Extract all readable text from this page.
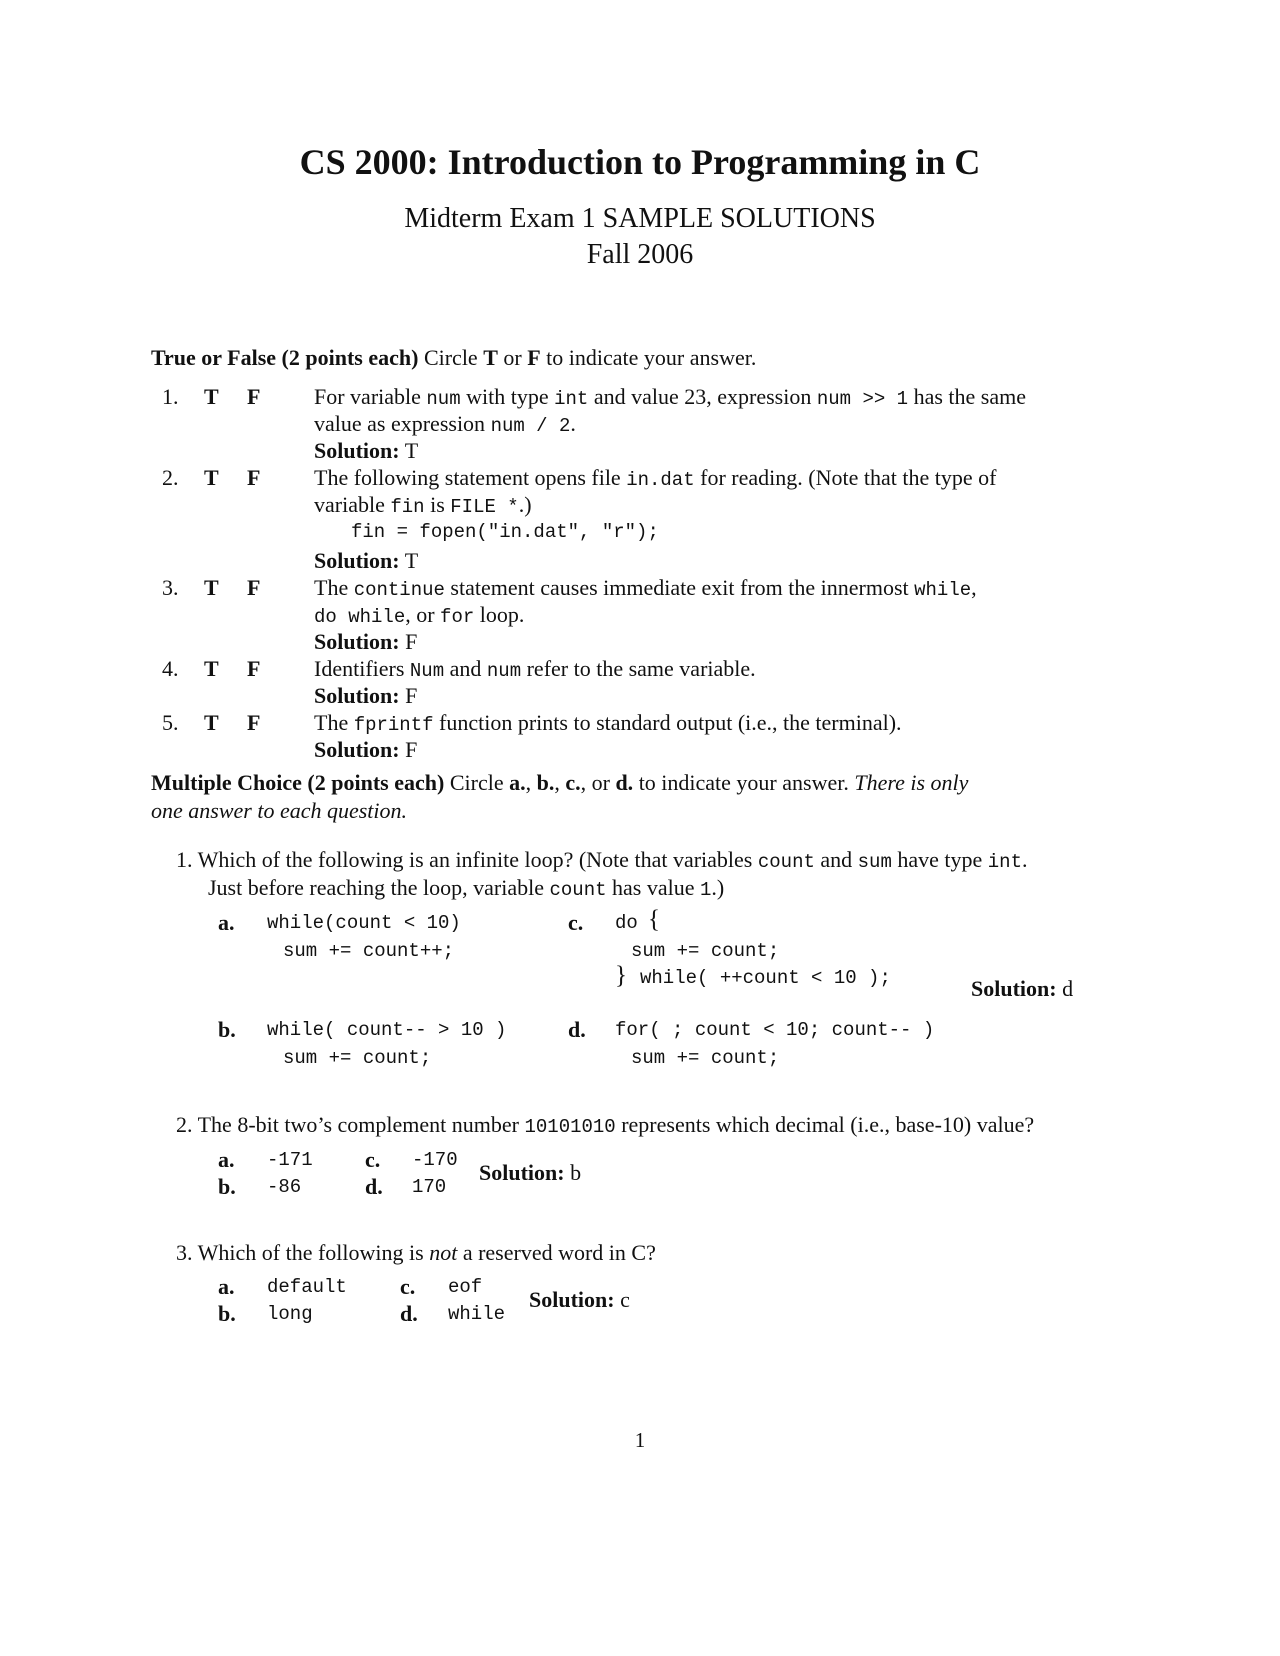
CS 2000: Introduction to Programming in C
Midterm Exam 1 SAMPLE SOLUTIONS
Fall 2006
True or False (2 points each) Circle T or F to indicate your answer.
1. T F For variable num with type int and value 23, expression num >> 1 has the same
value as expression num / 2.
Solution: T
2. T F The following statement opens file in.dat for reading. (Note that the type of
variable fin is FILE *.)
fin = fopen("in.dat", "r");
Solution: T
3. T F The continue statement causes immediate exit from the innermost while,
do while, or for loop.
Solution: F
4. T F Identifiers Num and num refer to the same variable.
Solution: F
5. T F The fprintf function prints to standard output (i.e., the terminal).
Solution: F
Multiple Choice (2 points each) Circle a., b., c., or d. to indicate your answer. There is only
one answer to each question.
1. Which of the following is an infinite loop? (Note that variables count and sum have type int.
Just before reaching the loop, variable count has value 1.)
a. while(count < 10)
sum += count++;
c. do {
sum += count;
} while( ++count < 10 );	Solution: d
b. while( count-- > 10 )
sum += count;
d. for( ; count < 10; count-- )
sum += count;
2. The 8-bit two’s complement number 10101010 represents which decimal (i.e., base-10) value?
a. -171 c. -170
b. -86	d. 170
Solution: b
3. Which of the following is not a reserved word in C?
a. default c. eof
b. long	d. while
Solution: c
1
